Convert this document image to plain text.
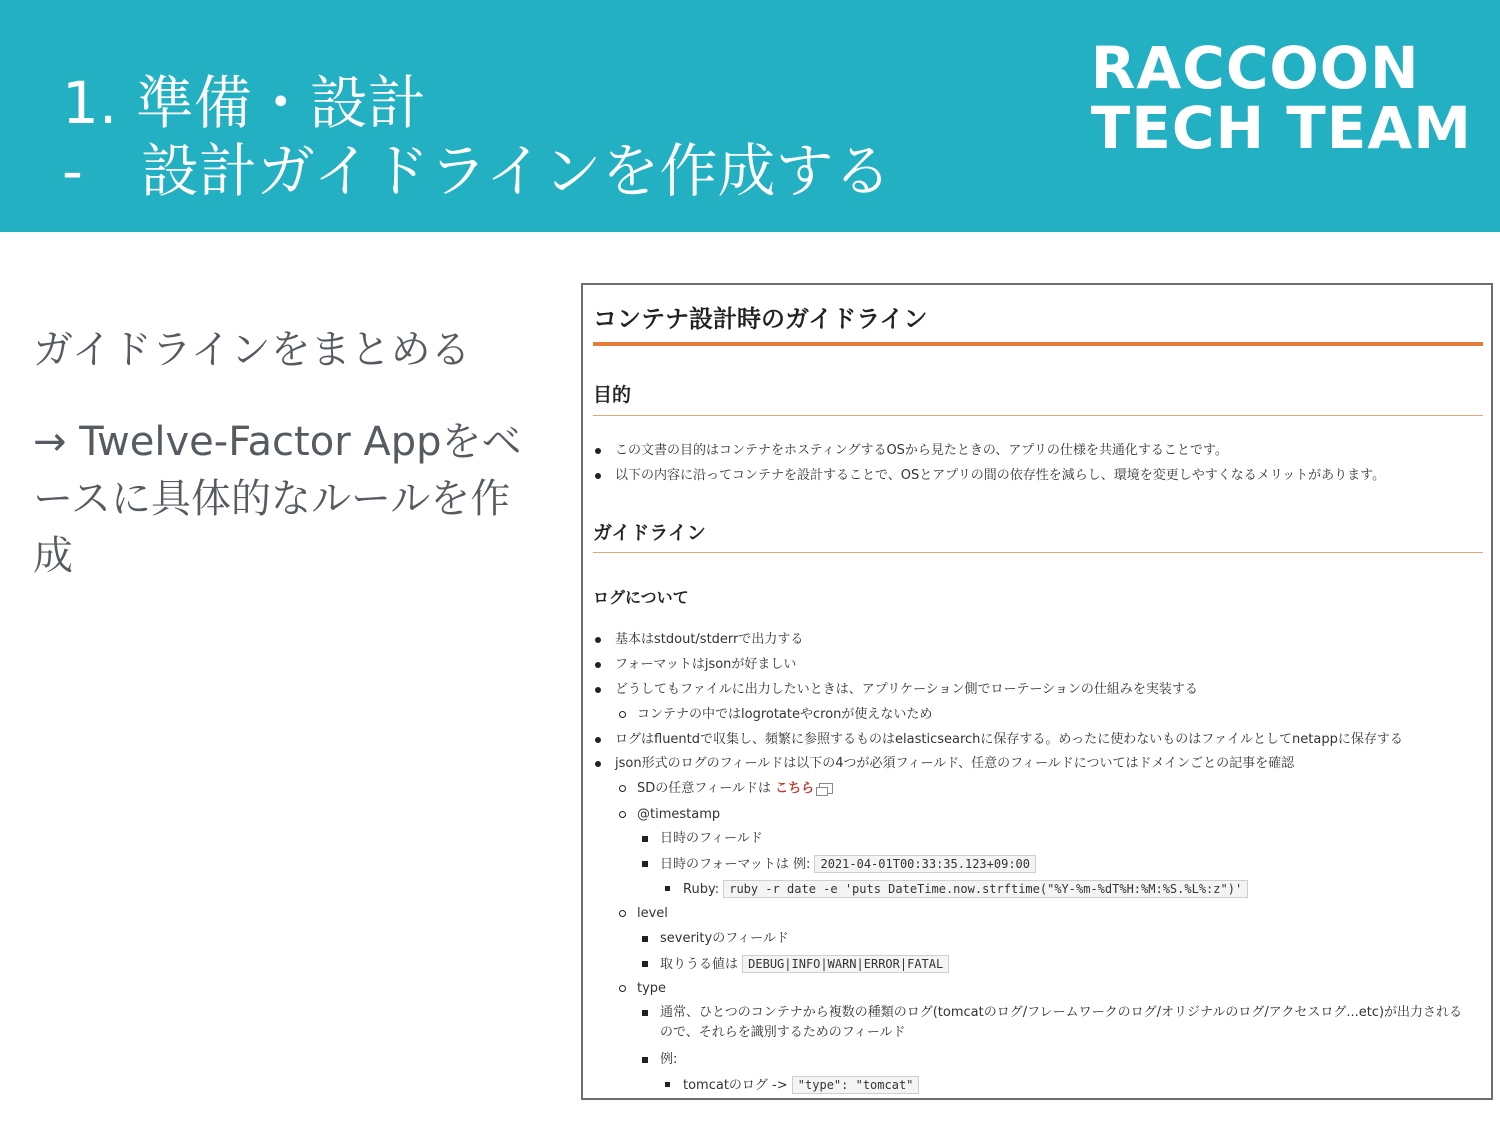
1. 準備・設計
-　設計ガイドラインを作成する
RACCOON
TECH TEAM
ガイドラインをまとめる
→ Twelve-Factor Appをベースに具体的なルールを作成
コンテナ設計時のガイドライン
目的
この文書の目的はコンテナをホスティングするOSから見たときの、アプリの仕様を共通化することです。
以下の内容に沿ってコンテナを設計することで、OSとアプリの間の依存性を減らし、環境を変更しやすくなるメリットがあります。
ガイドライン
ログについて
基本はstdout/stderrで出力する
フォーマットはjsonが好ましい
どうしてもファイルに出力したいときは、アプリケーション側でローテーションの仕組みを実装する
コンテナの中ではlogrotateやcronが使えないため
ログはfluentdで収集し、頻繁に参照するものはelasticsearchに保存する。めったに使わないものはファイルとしてnetappに保存する
json形式のログのフィールドは以下の4つが必須フィールド、任意のフィールドについてはドメインごとの記事を確認
SDの任意フィールドは こちら
@timestamp
日時のフィールド
日時のフォーマットは 例: 2021-04-01T00:33:35.123+09:00
Ruby: ruby -r date -e 'puts DateTime.now.strftime("%Y-%m-%dT%H:%M:%S.%L%:z")'
level
severityのフィールド
取りうる値は DEBUG|INFO|WARN|ERROR|FATAL
type
通常、ひとつのコンテナから複数の種類のログ(tomcatのログ/フレームワークのログ/オリジナルのログ/アクセスログ...etc)が出力されるので、それらを識別するためのフィールド
例:
tomcatのログ -> "type": "tomcat"
